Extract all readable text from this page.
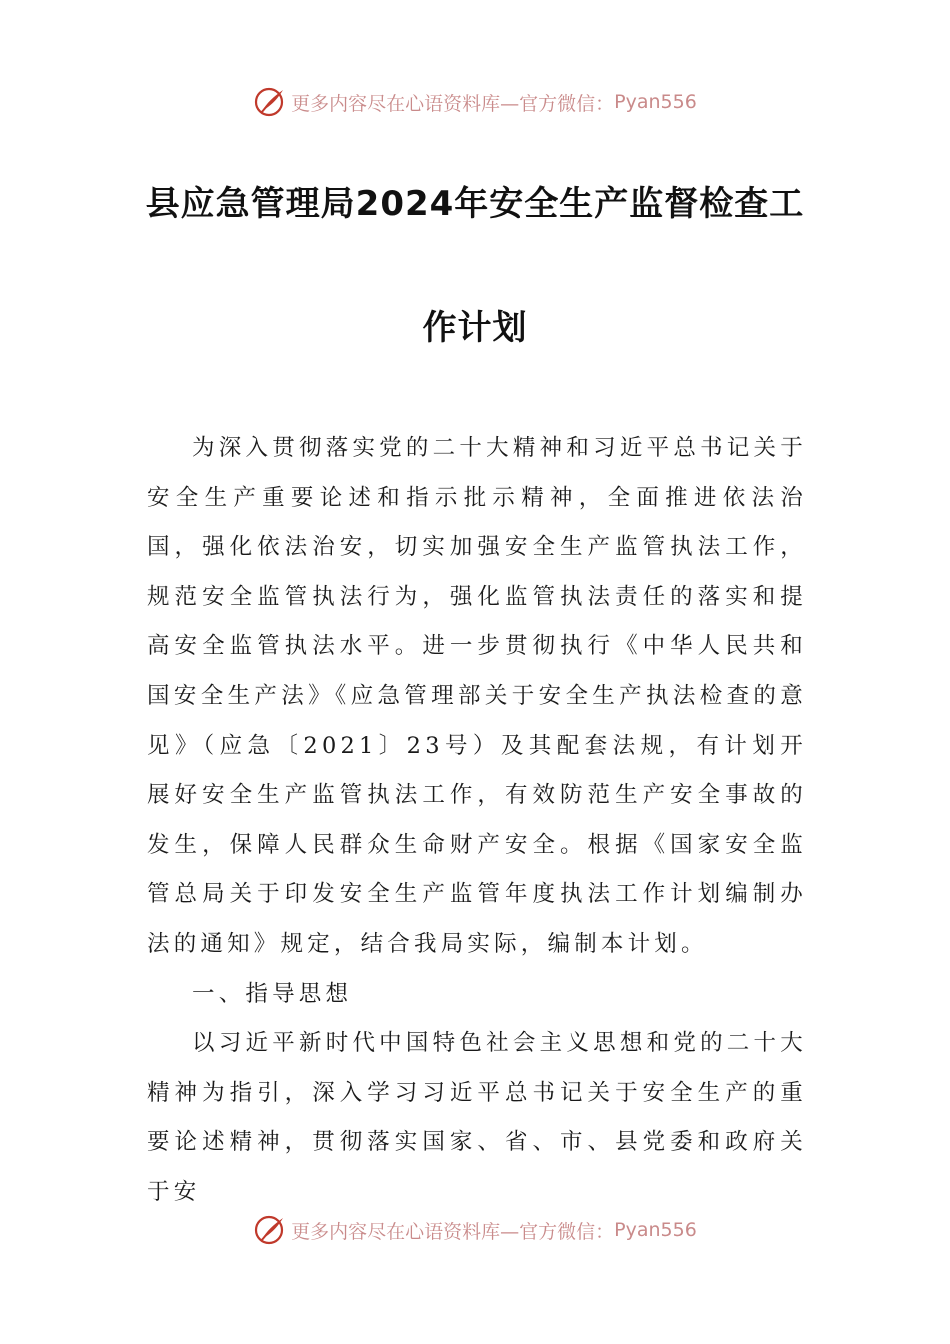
更多内容尽在心语资料库—官方微信： Pyan556
县应急管理局2024年安全生产监督检查工
作计划

为深入贯彻落实党的二十大精神和习近平总书记关于安全生产重要论述和指示批示精神，全面推进依法治国，强化依法治安，切实加强安全生产监管执法工作，规范安全监管执法行为，强化监管执法责任的落实和提高安全监管执法水平。进一步贯彻执行《中华人民共和国安全生产法》《应急管理部关于安全生产执法检查的意见》（应急〔2021〕23号）及其配套法规，有计划开展好安全生产监管执法工作，有效防范生产安全事故的发生，保障人民群众生命财产安全。根据《国家安全监管总局关于印发安全生产监管年度执法工作计划编制办法的通知》规定，结合我局实际，编制本计划。

一、指导思想

以习近平新时代中国特色社会主义思想和党的二十大精神为指引，深入学习习近平总书记关于安全生产的重要论述精神，贯彻落实国家、省、市、县党委和政府关于安

更多内容尽在心语资料库—官方微信： Pyan556
